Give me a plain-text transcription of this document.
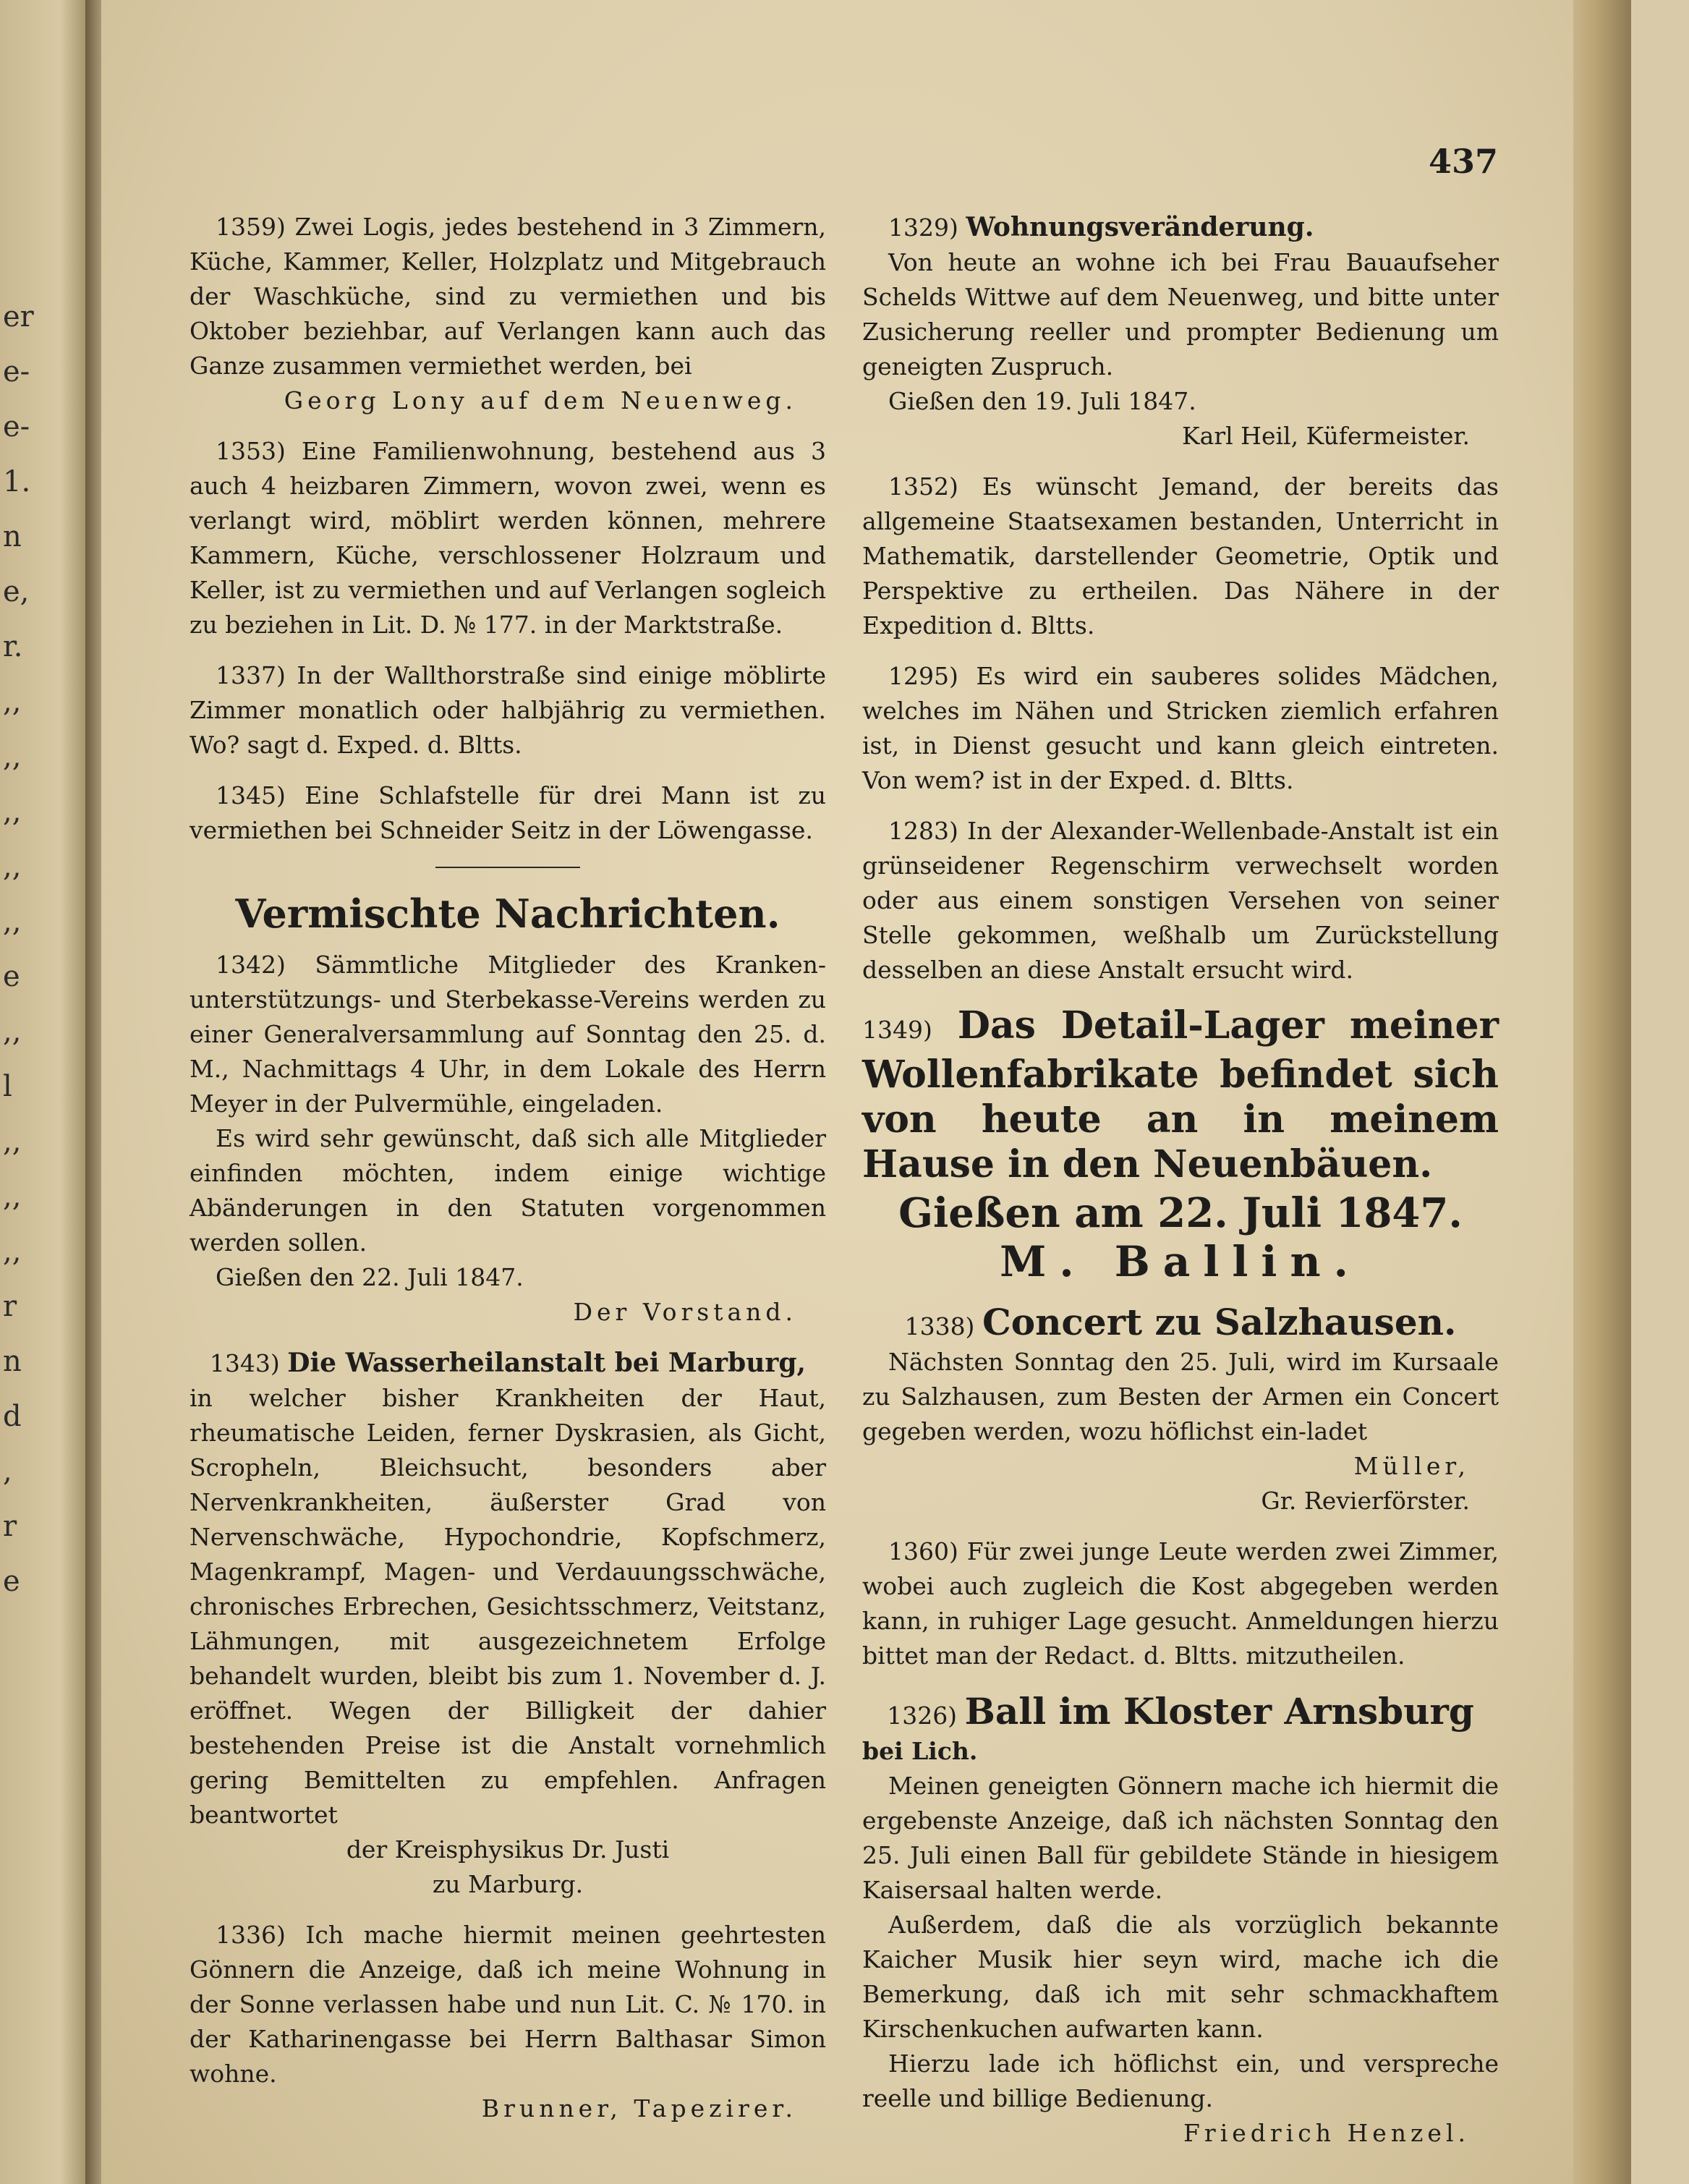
er
e-
e-
1.
n
e,
r.
,,
,,
,,
,,
,,
e
,,
l
,,
,,
,,
r
n
d
,
r
e
437

1359) Zwei Logis, jedes bestehend in 3 Zimmern, Küche, Kammer, Keller, Holzplatz und Mitgebrauch der Waschküche, sind zu vermiethen und bis Oktober beziehbar, auf Verlangen kann auch das Ganze zusammen vermiethet werden, bei

Georg Lony auf dem Neuenweg.

1353) Eine Familienwohnung, bestehend aus 3 auch 4 heizbaren Zimmern, wovon zwei, wenn es verlangt wird, möblirt werden können, mehrere Kammern, Küche, verschlossener Holzraum und Keller, ist zu vermiethen und auf Verlangen sogleich zu beziehen in Lit. D. № 177. in der Marktstraße.

1337) In der Wallthorstraße sind einige möblirte Zimmer monatlich oder halbjährig zu vermiethen. Wo? sagt d. Exped. d. Bltts.

1345) Eine Schlafstelle für drei Mann ist zu vermiethen bei Schneider Seitz in der Löwengasse.

Vermischte Nachrichten.

1342) Sämmtliche Mitglieder des Kranken-unterstützungs- und Sterbekasse-Vereins werden zu einer Generalversammlung auf Sonntag den 25. d. M., Nachmittags 4 Uhr, in dem Lokale des Herrn Meyer in der Pulvermühle, eingeladen.

Es wird sehr gewünscht, daß sich alle Mitglieder einfinden möchten, indem einige wichtige Abänderungen in den Statuten vorgenommen werden sollen.

Gießen den 22. Juli 1847.

Der Vorstand.

1343) Die Wasserheilanstalt bei Marburg,

in welcher bisher Krankheiten der Haut, rheumatische Leiden, ferner Dyskrasien, als Gicht, Scropheln, Bleichsucht, besonders aber Nervenkrankheiten, äußerster Grad von Nervenschwäche, Hypochondrie, Kopfschmerz, Magenkrampf, Magen- und Verdauungsschwäche, chronisches Erbrechen, Gesichtsschmerz, Veitstanz, Lähmungen, mit ausgezeichnetem Erfolge behandelt wurden, bleibt bis zum 1. November d. J. eröffnet. Wegen der Billigkeit der dahier bestehenden Preise ist die Anstalt vornehmlich gering Bemittelten zu empfehlen. Anfragen beantwortet

der Kreisphysikus Dr. Justi

zu Marburg.

1336) Ich mache hiermit meinen geehrtesten Gönnern die Anzeige, daß ich meine Wohnung in der Sonne verlassen habe und nun Lit. C. № 170. in der Katharinengasse bei Herrn Balthasar Simon wohne.

Brunner, Tapezirer.

1329) Wohnungsveränderung.

Von heute an wohne ich bei Frau Bauaufseher Schelds Wittwe auf dem Neuenweg, und bitte unter Zusicherung reeller und prompter Bedienung um geneigten Zuspruch.

Gießen den 19. Juli 1847.

Karl Heil, Küfermeister.

1352) Es wünscht Jemand, der bereits das allgemeine Staatsexamen bestanden, Unterricht in Mathematik, darstellender Geometrie, Optik und Perspektive zu ertheilen. Das Nähere in der Expedition d. Bltts.

1295) Es wird ein sauberes solides Mädchen, welches im Nähen und Stricken ziemlich erfahren ist, in Dienst gesucht und kann gleich eintreten. Von wem? ist in der Exped. d. Bltts.

1283) In der Alexander-Wellenbade-Anstalt ist ein grünseidener Regenschirm verwechselt worden oder aus einem sonstigen Versehen von seiner Stelle gekommen, weßhalb um Zurückstellung desselben an diese Anstalt ersucht wird.

1349) Das Detail-Lager meiner Wollenfabrikate befindet sich von heute an in meinem Hause in den Neuenbäuen.

Gießen am 22. Juli 1847.

M. Ballin.

1338) Concert zu Salzhausen.

Nächsten Sonntag den 25. Juli, wird im Kursaale zu Salzhausen, zum Besten der Armen ein Concert gegeben werden, wozu höflichst ein-ladet

Müller,

Gr. Revierförster.

1360) Für zwei junge Leute werden zwei Zimmer, wobei auch zugleich die Kost abgegeben werden kann, in ruhiger Lage gesucht. Anmeldungen hierzu bittet man der Redact. d. Bltts. mitzutheilen.

1326) Ball im Kloster Arnsburg

bei Lich.

Meinen geneigten Gönnern mache ich hiermit die ergebenste Anzeige, daß ich nächsten Sonntag den 25. Juli einen Ball für gebildete Stände in hiesigem Kaisersaal halten werde.

Außerdem, daß die als vorzüglich bekannte Kaicher Musik hier seyn wird, mache ich die Bemerkung, daß ich mit sehr schmackhaftem Kirschenkuchen aufwarten kann.

Hierzu lade ich höflichst ein, und verspreche reelle und billige Bedienung.

Friedrich Henzel.
